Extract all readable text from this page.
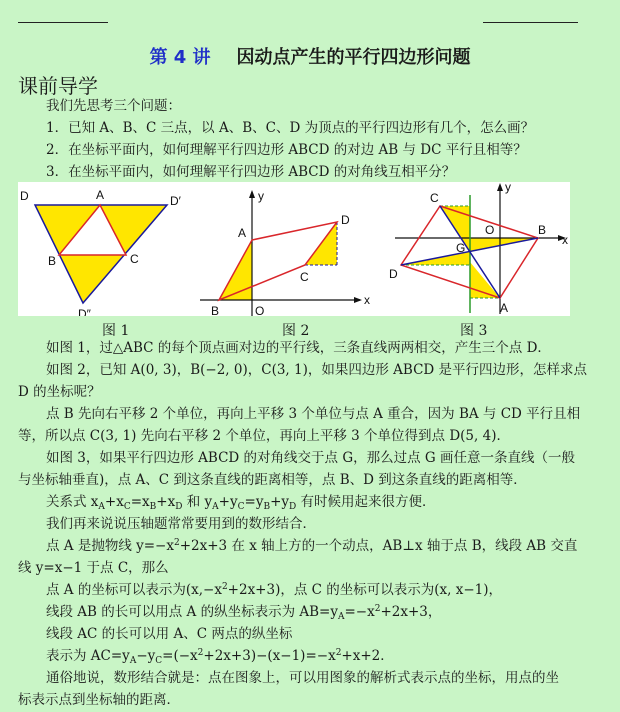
第 4 讲 因动点产生的平行四边形问题
课前导学
我们先思考三个问题：
1．已知 A、B、C 三点，以 A、B、C、D 为顶点的平行四边形有几个，怎么画？
2．在坐标平面内，如何理解平行四边形 ABCD 的对边 AB 与 DC 平行且相等？
3．在坐标平面内，如何理解平行四边形 ABCD 的对角线互相平分？
D	A	D′
B	C
D″
y
A
D
C
B	O
x
C
y
O	B
x
G
D
A
图 1	图 2	图 3
如图 1，过△ABC 的每个顶点画对边的平行线，三条直线两两相交，产生三个点 D．
如图 2，已知 A(0, 3)，B(−2, 0)，C(3, 1)，如果四边形 ABCD 是平行四边形，怎样求点
D 的坐标呢？
点 B 先向右平移 2 个单位，再向上平移 3 个单位与点 A 重合，因为 BA 与 CD 平行且相
等，所以点 C(3, 1) 先向右平移 2 个单位，再向上平移 3 个单位得到点 D(5, 4)．
如图 3，如果平行四边形 ABCD 的对角线交于点 G，那么过点 G 画任意一条直线（一般
与坐标轴垂直)，点 A、C 到这条直线的距离相等，点 B、D 到这条直线的距离相等．
关系式 $x_A+x_C=x_B+x_D$ 和 $y_A+y_C=y_B+y_D$ 有时候用起来很方便．
我们再来说说压轴题常常要用到的数形结合．
点 A 是抛物线 $y=-x^2+2x+3$ 在 x 轴上方的一个动点，AB⊥x 轴于点 B，线段 AB 交直
线 y=x−1 于点 C，那么
点 A 的坐标可以表示为$(x,-x^2+2x+3)$，点 C 的坐标可以表示为(x, x−1)，
线段 AB 的长可以用点 A 的纵坐标表示为 $AB=y_A=-x^2+2x+3$，
线段 AC 的长可以用 A、C 两点的纵坐标
表示为 $AC=y_A-y_C=(-x^2+2x+3)-(x-1)=-x^2+x+2$．
通俗地说，数形结合就是：点在图象上，可以用图象的解析式表示点的坐标，用点的坐
标表示点到坐标轴的距离．
